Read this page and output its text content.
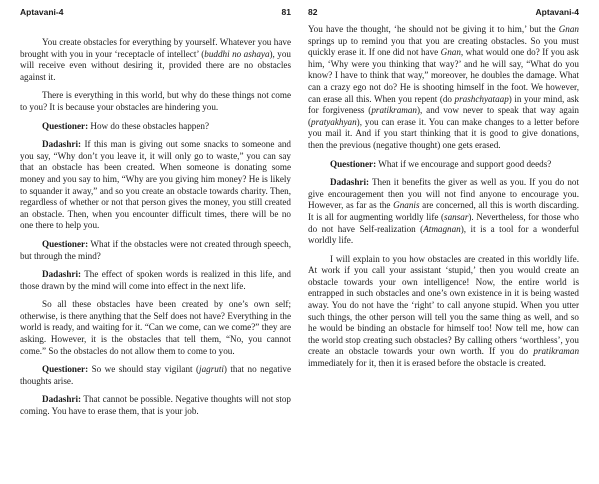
Aptavani-4	81

You create obstacles for everything by yourself. Whatever you have brought with you in your ‘receptacle of intellect’ (buddhi no ashaya), you will receive even without desiring it, provided there are no obstacles against it.

There is everything in this world, but why do these things not come to you? It is because your obstacles are hindering you.

Questioner: How do these obstacles happen?

Dadashri: If this man is giving out some snacks to someone and you say, “Why don’t you leave it, it will only go to waste,” you can say that an obstacle has been created. When someone is donating some money and you say to him, “Why are you giving him money? He is likely to squander it away,” and so you create an obstacle towards charity. Then, regardless of whether or not that person gives the money, you still created an obstacle. Then, when you encounter difficult times, there will be no one there to help you.

Questioner: What if the obstacles were not created through speech, but through the mind?

Dadashri: The effect of spoken words is realized in this life, and those drawn by the mind will come into effect in the next life.

So all these obstacles have been created by one’s own self; otherwise, is there anything that the Self does not have? Everything in the world is ready, and waiting for it. “Can we come, can we come?” they are asking. However, it is the obstacles that tell them, “No, you cannot come.” So the obstacles do not allow them to come to you.

Questioner: So we should stay vigilant (jagruti) that no negative thoughts arise.

Dadashri: That cannot be possible. Negative thoughts will not stop coming. You have to erase them, that is your job.

82	Aptavani-4

You have the thought, ‘he should not be giving it to him,’ but the Gnan springs up to remind you that you are creating obstacles. So you must quickly erase it. If one did not have Gnan, what would one do? If you ask him, ‘Why were you thinking that way?’ and he will say, “What do you know? I have to think that way,” moreover, he doubles the damage. What can a crazy ego not do? He is shooting himself in the foot. We however, can erase all this. When you repent (do prashchyataap) in your mind, ask for forgiveness (pratikraman), and vow never to speak that way again (pratyakhyan), you can erase it. You can make changes to a letter before you mail it. And if you start thinking that it is good to give donations, then the previous (negative thought) one gets erased.

Questioner: What if we encourage and support good deeds?

Dadashri: Then it benefits the giver as well as you. If you do not give encouragement then you will not find anyone to encourage you. However, as far as the Gnanis are concerned, all this is worth discarding. It is all for augmenting worldly life (sansar). Nevertheless, for those who do not have Self-realization (Atmagnan), it is a tool for a wonderful worldly life.

I will explain to you how obstacles are created in this worldly life. At work if you call your assistant ‘stupid,’ then you would create an obstacle towards your own intelligence! Now, the entire world is entrapped in such obstacles and one’s own existence in it is being wasted away. You do not have the ‘right’ to call anyone stupid. When you utter such things, the other person will tell you the same thing as well, and so he would be binding an obstacle for himself too! Now tell me, how can the world stop creating such obstacles? By calling others ‘worthless’, you create an obstacle towards your own worth. If you do pratikraman immediately for it, then it is erased before the obstacle is created.
